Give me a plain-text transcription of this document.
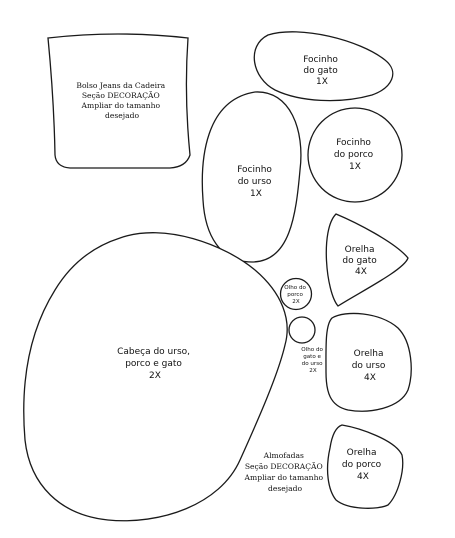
Bolso Jeans da Cadeira Seção DECORAÇÃO Ampliar do tamanho desejado
Focinho do gato 1X
Focinho do urso 1X
Focinho do porco 1X
Orelha do gato 4X
Cabeça do urso, porco e gato 2X
Olho do porco 2X
Olho do gato e do urso 2X
Orelha do urso 4X
Almofadas Seção DECORAÇÃO Ampliar do tamanho desejado
Orelha do porco 4X
